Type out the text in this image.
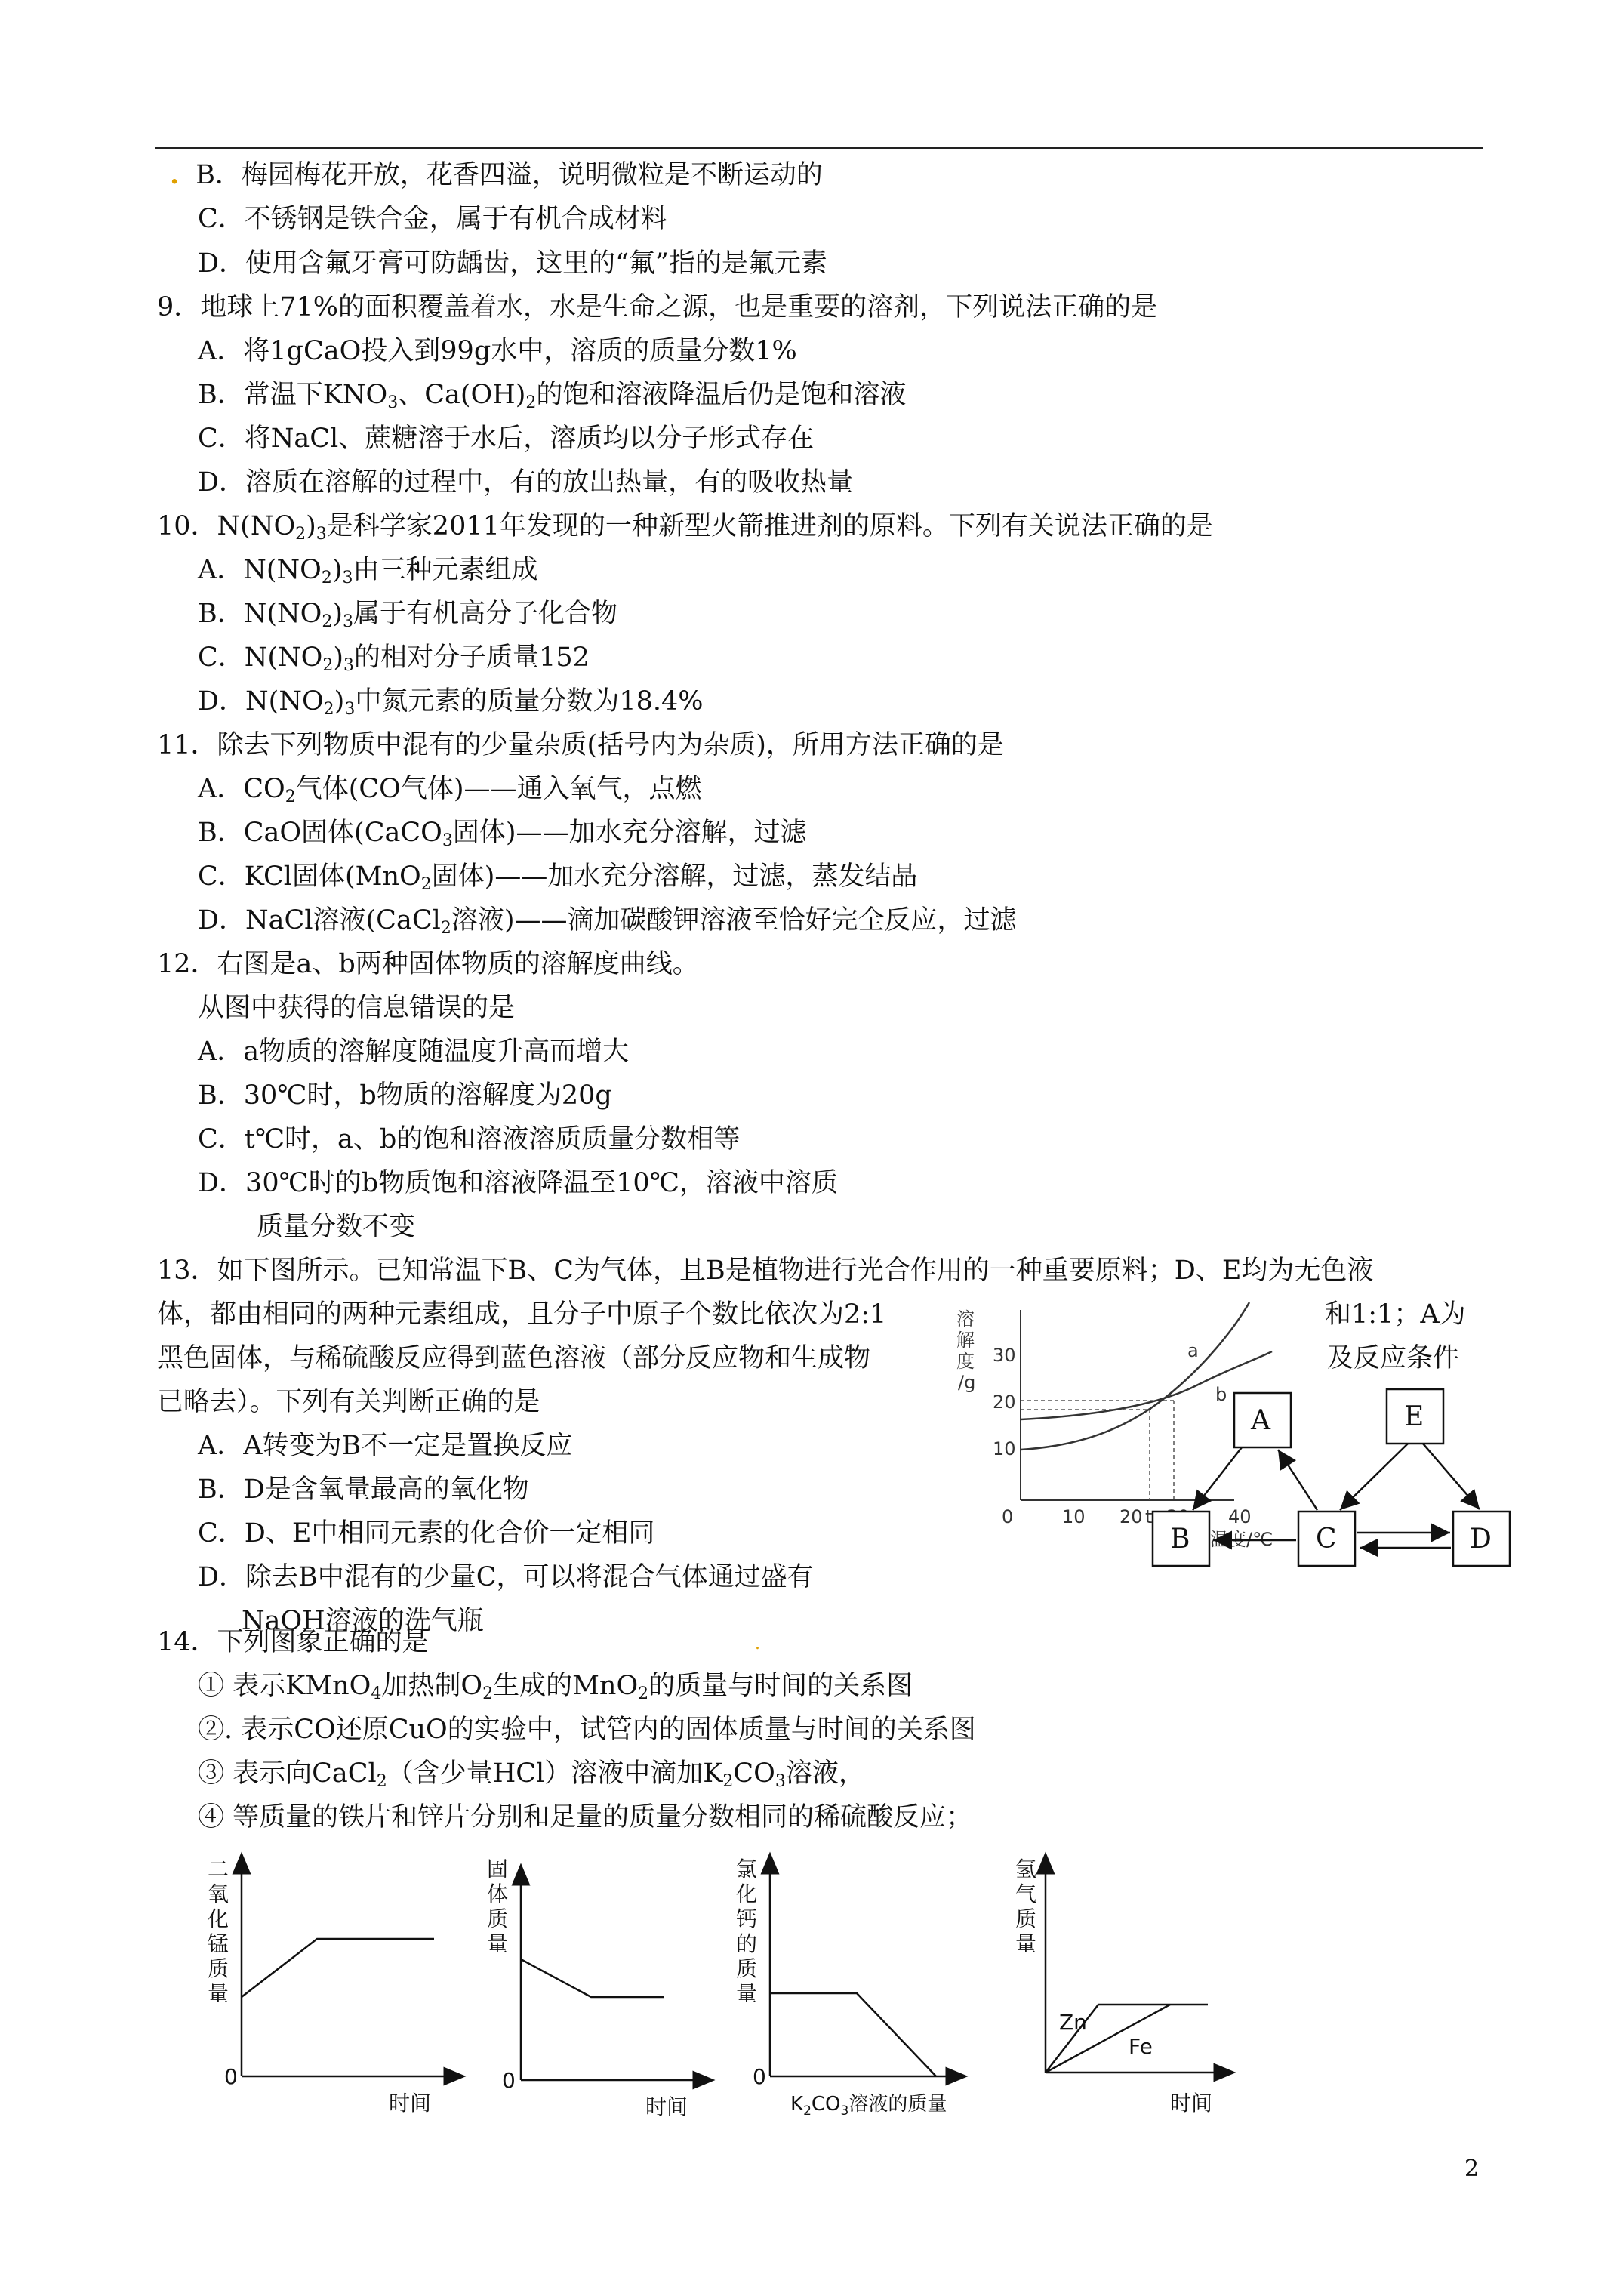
. B．梅园梅花开放，花香四溢，说明微粒是不断运动的
C．不锈钢是铁合金，属于有机合成材料
D．使用含氟牙膏可防龋齿，这里的“氟”指的是氟元素
9．地球上71%的面积覆盖着水，水是生命之源，也是重要的溶剂，下列说法正确的是
A．将1gCaO投入到99g水中，溶质的质量分数1%
B．常温下$KNO_3$、$Ca(OH)_2$的饱和溶液降温后仍是饱和溶液
C．将NaCl、蔗糖溶于水后，溶质均以分子形式存在
D．溶质在溶解的过程中，有的放出热量，有的吸收热量
10．$N(NO_2)_3$是科学家2011年发现的一种新型火箭推进剂的原料。下列有关说法正确的是
A．$N(NO_2)_3$由三种元素组成
B．$N(NO_2)_3$属于有机高分子化合物
C．$N(NO_2)_3$的相对分子质量152
D．$N(NO_2)_3$中氮元素的质量分数为18.4%
11．除去下列物质中混有的少量杂质(括号内为杂质)，所用方法正确的是
A．$CO_2$气体(CO气体)——通入氧气，点燃
B．CaO固体(CaCO$_3$固体)——加水充分溶解，过滤
C．KCl固体(MnO$_2$固体)——加水充分溶解，过滤，蒸发结晶
D．NaCl溶液(CaCl$_2$溶液)——滴加碳酸钾溶液至恰好完全反应，过滤
12．右图是a、b两种固体物质的溶解度曲线。
从图中获得的信息错误的是
A．a物质的溶解度随温度升高而增大
B．30℃时，b物质的溶解度为20g
C．t℃时，a、b的饱和溶液溶质质量分数相等
D．30℃时的b物质饱和溶液降温至10℃，溶液中溶质
质量分数不变
13．如下图所示。已知常温下B、C为气体，且B是植物进行光合作用的一种重要原料；D、E均为无色液
体，都由相同的两种元素组成，且分子中原子个数比依次为2:1	和1:1；A为
黑色固体，与稀硫酸反应得到蓝色溶液（部分反应物和生成物	及反应条件
已略去）。下列有关判断正确的是
A．A转变为B不一定是置换反应
B．D是含氧量最高的氧化物
C．D、E中相同元素的化合价一定相同
D．除去B中混有的少量C，可以将混合气体通过盛有
NaOH溶液的洗气瓶
溶
解
度
/g
30
20
10
a
b
0	10 20 t	40
温度/℃
A	E
B	C	D
14．下列图象正确的是
① 表示KMnO$_4$加热制$O_2$生成的MnO$_2$的质量与时间的关系图
②. 表示CO还原CuO的实验中，试管内的固体质量与时间的关系图
③ 表示向CaCl$_2$（含少量HCl）溶液中滴加$K_2CO_3$溶液，
④ 等质量的铁片和锌片分别和足量的质量分数相同的稀硫酸反应；
二
氧
化
锰
质
量
0
时间
固
体
质
量
0
时间
氯
化
钙
的
质
量
0
$K_2CO_3$溶液的质量
氢
气
质
量
Zn
Fe
时间
.
2
